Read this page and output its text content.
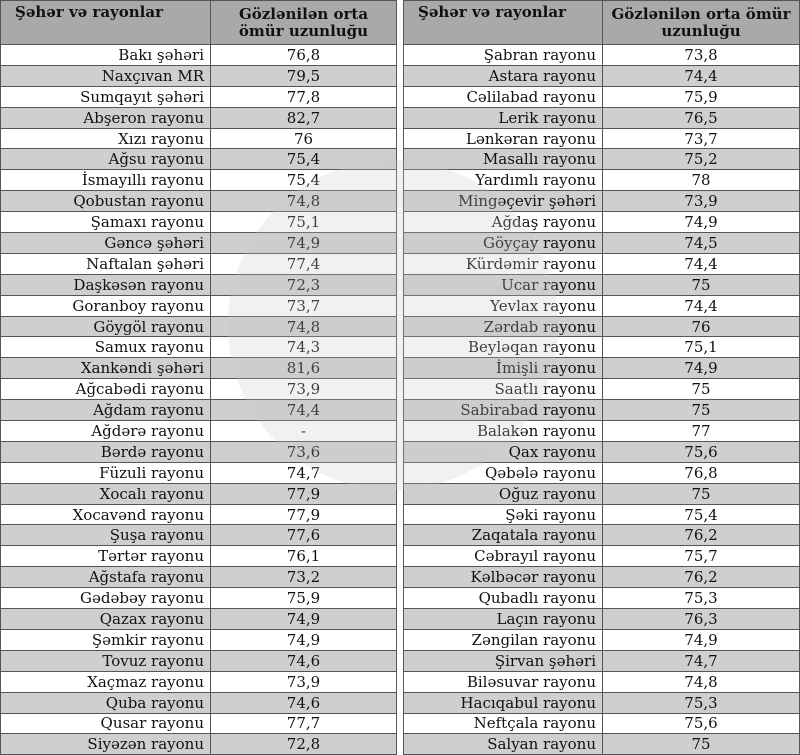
Şəhər və rayonlar	Gözlənilən orta ömür uzunluğu
Bakı şəhəri	76,8
Naxçıvan MR	79,5
Sumqayıt şəhəri	77,8
Abşeron rayonu	82,7
Xızı rayonu	76
Ağsu rayonu	75,4
İsmayıllı rayonu	75,4
Qobustan rayonu	74,8
Şamaxı rayonu	75,1
Gəncə şəhəri	74,9
Naftalan şəhəri	77,4
Daşkəsən rayonu	72,3
Goranboy rayonu	73,7
Göygöl rayonu	74,8
Samux rayonu	74,3
Xankəndi şəhəri	81,6
Ağcabədi rayonu	73,9
Ağdam rayonu	74,4
Ağdərə rayonu	-
Bərdə rayonu	73,6
Füzuli rayonu	74,7
Xocalı rayonu	77,9
Xocavənd rayonu	77,9
Şuşa rayonu	77,6
Tərtər rayonu	76,1
Ağstafa rayonu	73,2
Gədəbəy rayonu	75,9
Qazax rayonu	74,9
Şəmkir rayonu	74,9
Tovuz rayonu	74,6
Xaçmaz rayonu	73,9
Quba rayonu	74,6
Qusar rayonu	77,7
Siyəzən rayonu	72,8
Şəhər və rayonlar	Gözlənilən orta ömür uzunluğu
Şabran rayonu	73,8
Astara rayonu	74,4
Cəlilabad rayonu	75,9
Lerik rayonu	76,5
Lənkəran rayonu	73,7
Masallı rayonu	75,2
Yardımlı rayonu	78
Mingəçevir şəhəri	73,9
Ağdaş rayonu	74,9
Göyçay rayonu	74,5
Kürdəmir rayonu	74,4
Ucar rayonu	75
Yevlax rayonu	74,4
Zərdab rayonu	76
Beyləqan rayonu	75,1
İmişli rayonu	74,9
Saatlı rayonu	75
Sabirabad rayonu	75
Balakən rayonu	77
Qax rayonu	75,6
Qəbələ rayonu	76,8
Oğuz rayonu	75
Şəki rayonu	75,4
Zaqatala rayonu	76,2
Cəbrayıl rayonu	75,7
Kəlbəcər rayonu	76,2
Qubadlı rayonu	75,3
Laçın rayonu	76,3
Zəngilan rayonu	74,9
Şirvan şəhəri	74,7
Biləsuvar rayonu	74,8
Hacıqabul rayonu	75,3
Neftçala rayonu	75,6
Salyan rayonu	75
